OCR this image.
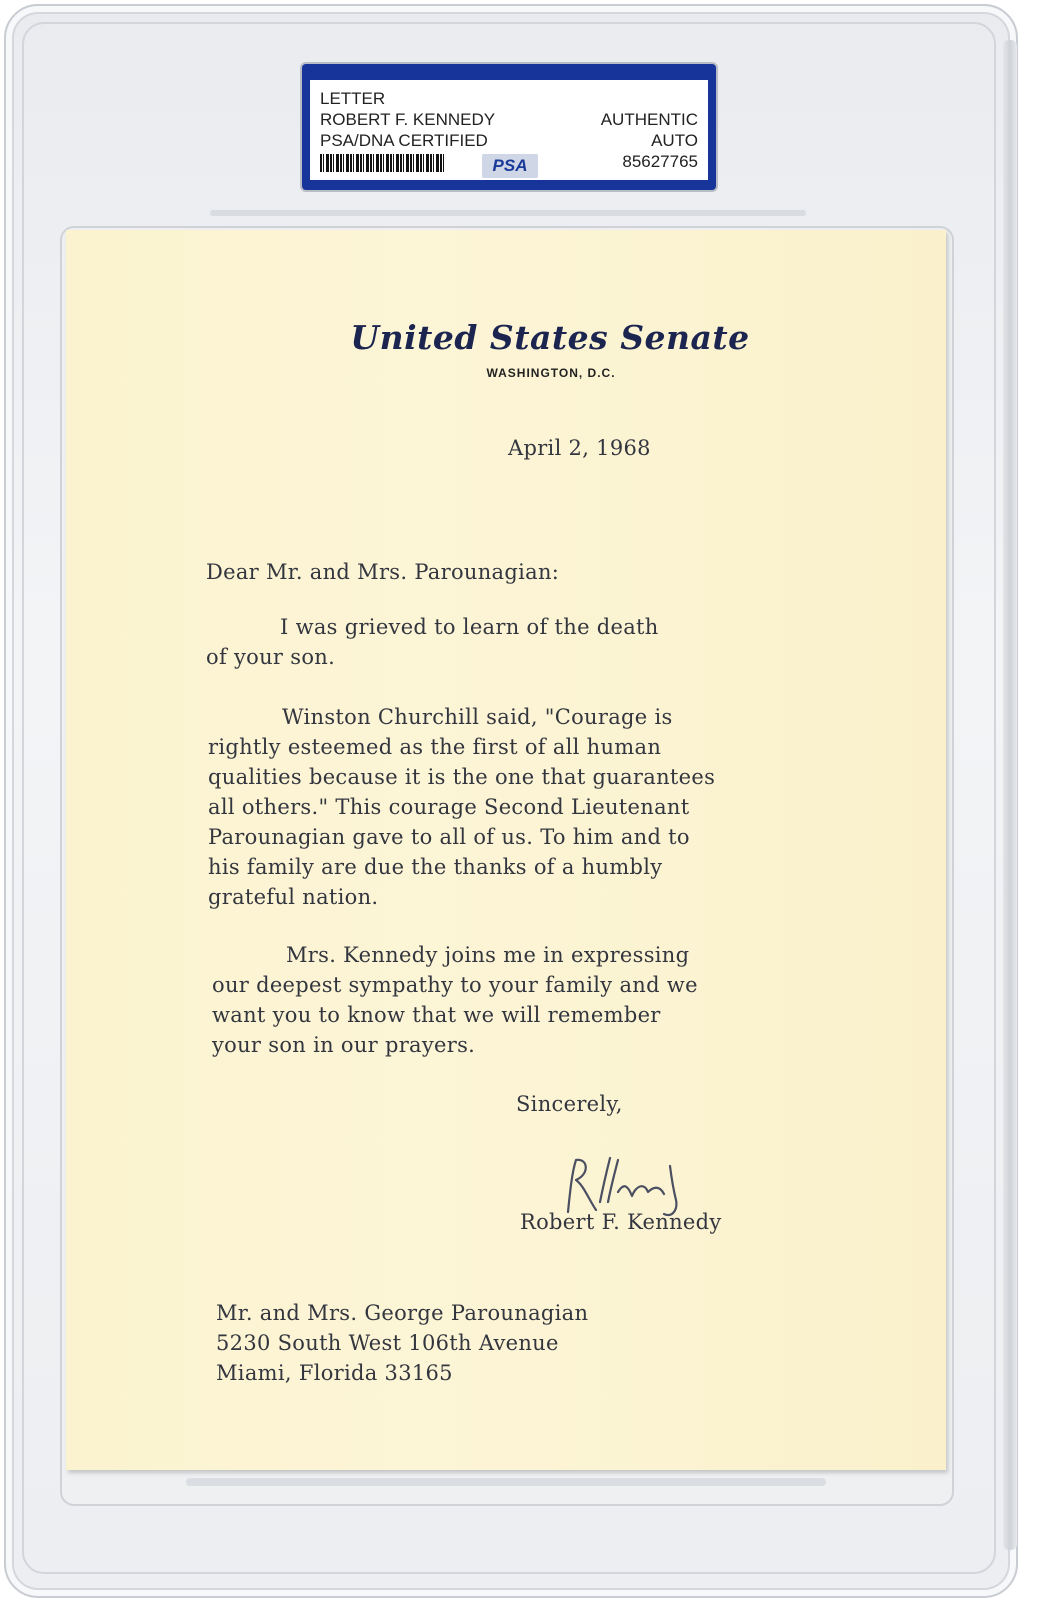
LETTER
ROBERT F. KENNEDY
PSA/DNA CERTIFIED
AUTHENTIC
AUTO
85627765
PSA
United States Senate
WASHINGTON, D.C.
April 2, 1968
Dear Mr. and Mrs. Parounagian:
I was grieved to learn of the death
of your son.
Winston Churchill said, "Courage is
rightly esteemed as the first of all human
qualities because it is the one that guarantees
all others." This courage Second Lieutenant
Parounagian gave to all of us. To him and to
his family are due the thanks of a humbly
grateful nation.
Mrs. Kennedy joins me in expressing
our deepest sympathy to your family and we
want you to know that we will remember
your son in our prayers.
Sincerely,
Robert F. Kennedy
Mr. and Mrs. George Parounagian
5230 South West 106th Avenue
Miami, Florida 33165
